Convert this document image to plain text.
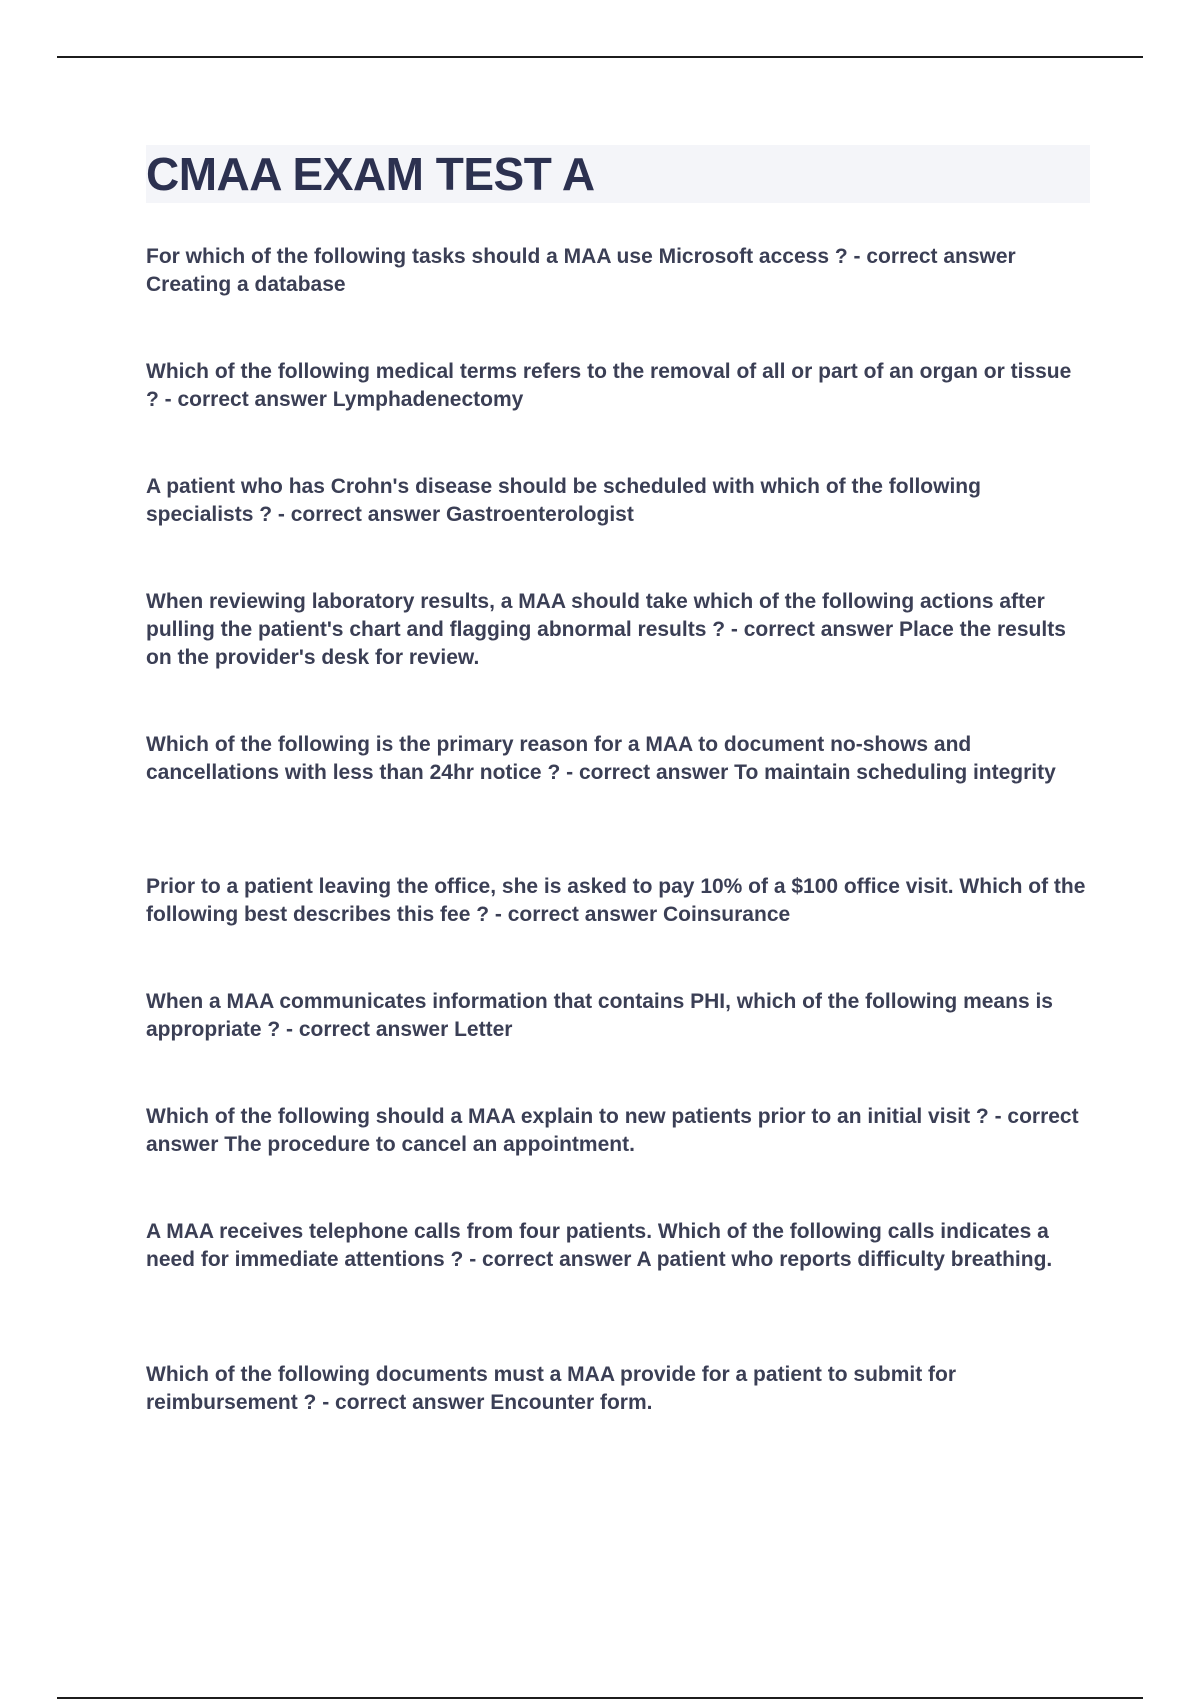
CMAA EXAM TEST A

For which of the following tasks should a MAA use Microsoft access ? - correct answer Creating a database

Which of the following medical terms refers to the removal of all or part of an organ or tissue ? - correct answer Lymphadenectomy

A patient who has Crohn's disease should be scheduled with which of the following specialists ? - correct answer Gastroenterologist

When reviewing laboratory results, a MAA should take which of the following actions after pulling the patient's chart and flagging abnormal results ? - correct answer Place the results on the provider's desk for review.

Which of the following is the primary reason for a MAA to document no-shows and cancellations with less than 24hr notice ? - correct answer To maintain scheduling integrity

Prior to a patient leaving the office, she is asked to pay 10% of a $100 office visit. Which of the following best describes this fee ? - correct answer Coinsurance

When a MAA communicates information that contains PHI, which of the following means is appropriate ? - correct answer Letter

Which of the following should a MAA explain to new patients prior to an initial visit ? - correct answer The procedure to cancel an appointment.

A MAA receives telephone calls from four patients. Which of the following calls indicates a need for immediate attentions ? - correct answer A patient who reports difficulty breathing.

Which of the following documents must a MAA provide for a patient to submit for reimbursement ? - correct answer Encounter form.
